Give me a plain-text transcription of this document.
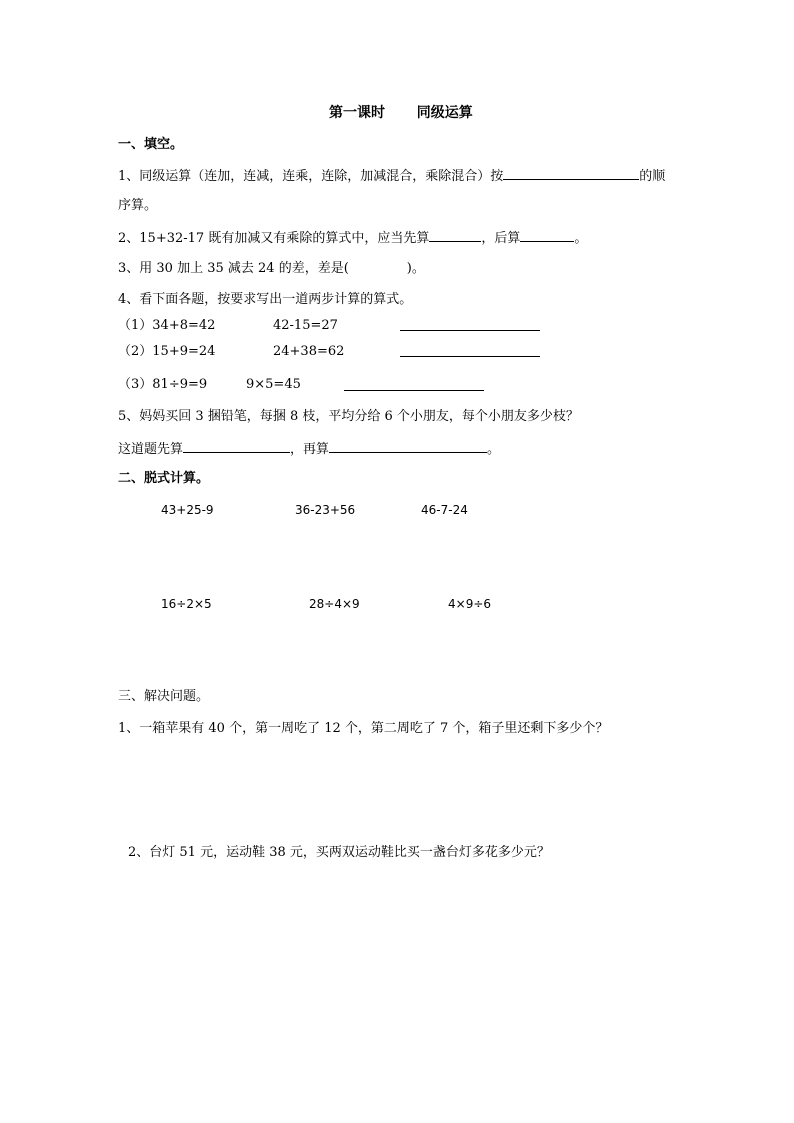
第一课时 同级运算
一、填空。
1、同级运算（连加，连减，连乘，连除，加减混合，乘除混合）按	的顺
序算。
2、15+32-17 既有加减又有乘除的算式中，应当先算	，后算	。
3、用 30 加上 35 减去 24 的差，差是(	)。
4、看下面各题，按要求写出一道两步计算的算式。
（1）34+8=42	42-15=27
（2）15+9=24	24+38=62
（3）81÷9=9	9×5=45
5、妈妈买回 3 捆铅笔，每捆 8 枝，平均分给 6 个小朋友，每个小朋友多少枝？
这道题先算	，再算	。
二、脱式计算。
43+25-9	36-23+56	46-7-24
16÷2×5	28÷4×9	4×9÷6
三、解决问题。
1、一箱苹果有 40 个，第一周吃了 12 个，第二周吃了 7 个，箱子里还剩下多少个？
2、台灯 51 元，运动鞋 38 元，买两双运动鞋比买一盏台灯多花多少元？
